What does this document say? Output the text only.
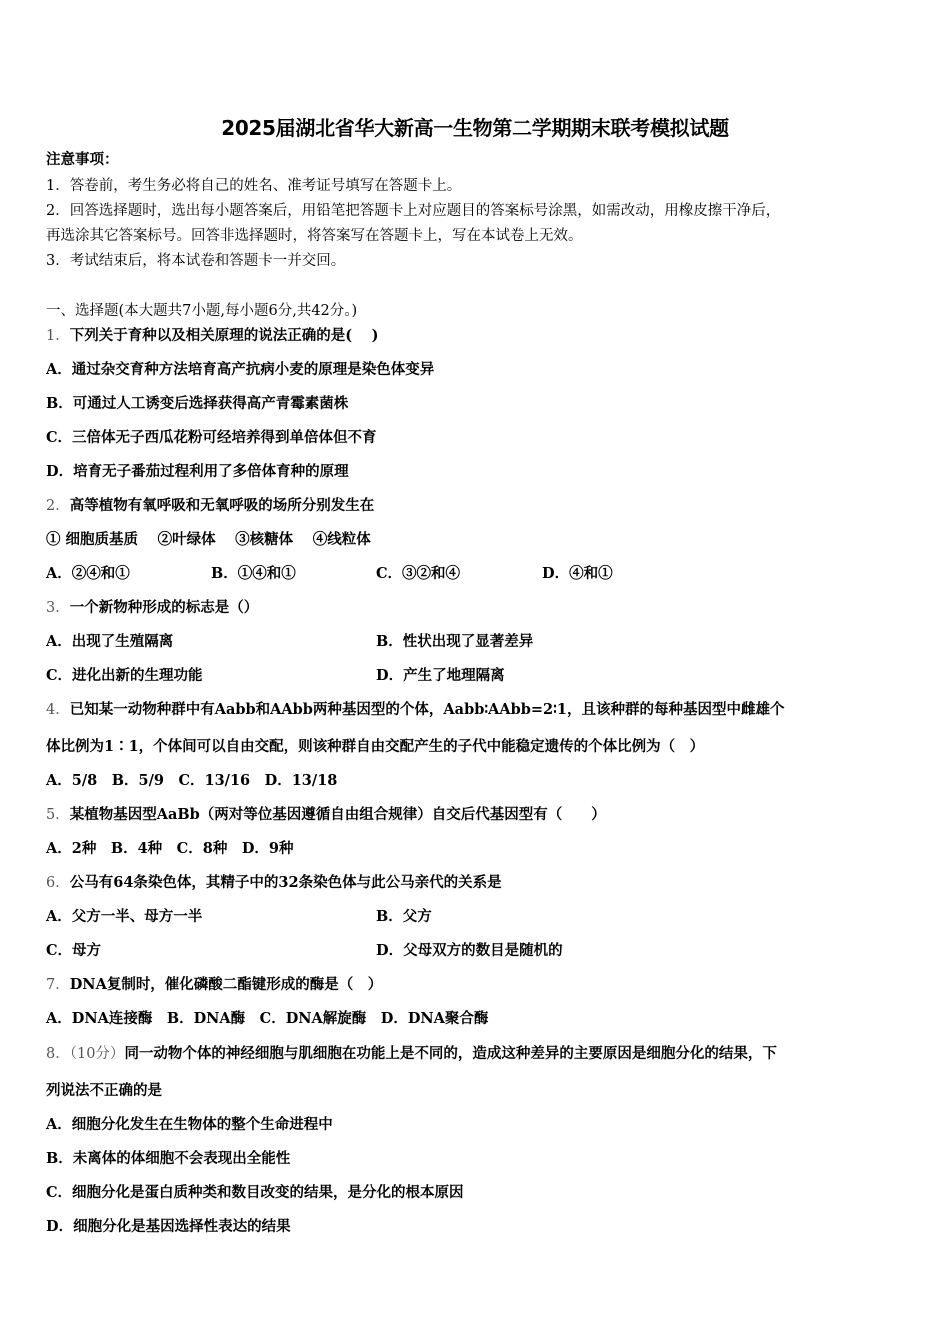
2025届湖北省华大新高一生物第二学期期末联考模拟试题
注意事项：
1．答卷前，考生务必将自己的姓名、准考证号填写在答题卡上。
2．回答选择题时，选出每小题答案后，用铅笔把答题卡上对应题目的答案标号涂黑，如需改动，用橡皮擦干净后，
再选涂其它答案标号。回答非选择题时，将答案写在答题卡上，写在本试卷上无效。
3．考试结束后，将本试卷和答题卡一并交回。
一、选择题(本大题共7小题,每小题6分,共42分。)
1．下列关于育种以及相关原理的说法正确的是(　 )
A．通过杂交育种方法培育高产抗病小麦的原理是染色体变异
B．可通过人工诱变后选择获得高产青霉素菌株
C．三倍体无子西瓜花粉可经培养得到单倍体但不育
D．培育无子番茄过程利用了多倍体育种的原理
2．高等植物有氧呼吸和无氧呼吸的场所分别发生在
① 细胞质基质　 ②叶绿体　 ③核糖体　 ④线粒体
A．②④和①	B．①④和①	C．③②和④	D．④和①
3．一个新物种形成的标志是（）
A．出现了生殖隔离	B．性状出现了显著差异
C．进化出新的生理功能	D．产生了地理隔离
4．已知某一动物种群中有Aabb和AAbb两种基因型的个体，Aabb∶AAbb=2∶1，且该种群的每种基因型中雌雄个
体比例为1∶1，个体间可以自由交配，则该种群自由交配产生的子代中能稳定遗传的个体比例为（　）
A．5/8　B．5/9　C．13/16　D．13/18
5．某植物基因型AaBb（两对等位基因遵循自由组合规律）自交后代基因型有（　　）
A．2种　B．4种　C．8种　D．9种
6．公马有64条染色体，其精子中的32条染色体与此公马亲代的关系是
A．父方一半、母方一半	B．父方
C．母方	D．父母双方的数目是随机的
7．DNA复制时，催化磷酸二酯键形成的酶是（　）
A．DNA连接酶　B．DNA酶　C．DNA解旋酶　D．DNA聚合酶
8．（10分）同一动物个体的神经细胞与肌细胞在功能上是不同的，造成这种差异的主要原因是细胞分化的结果，下
列说法不正确的是
A．细胞分化发生在生物体的整个生命进程中
B．未离体的体细胞不会表现出全能性
C．细胞分化是蛋白质种类和数目改变的结果，是分化的根本原因
D．细胞分化是基因选择性表达的结果
